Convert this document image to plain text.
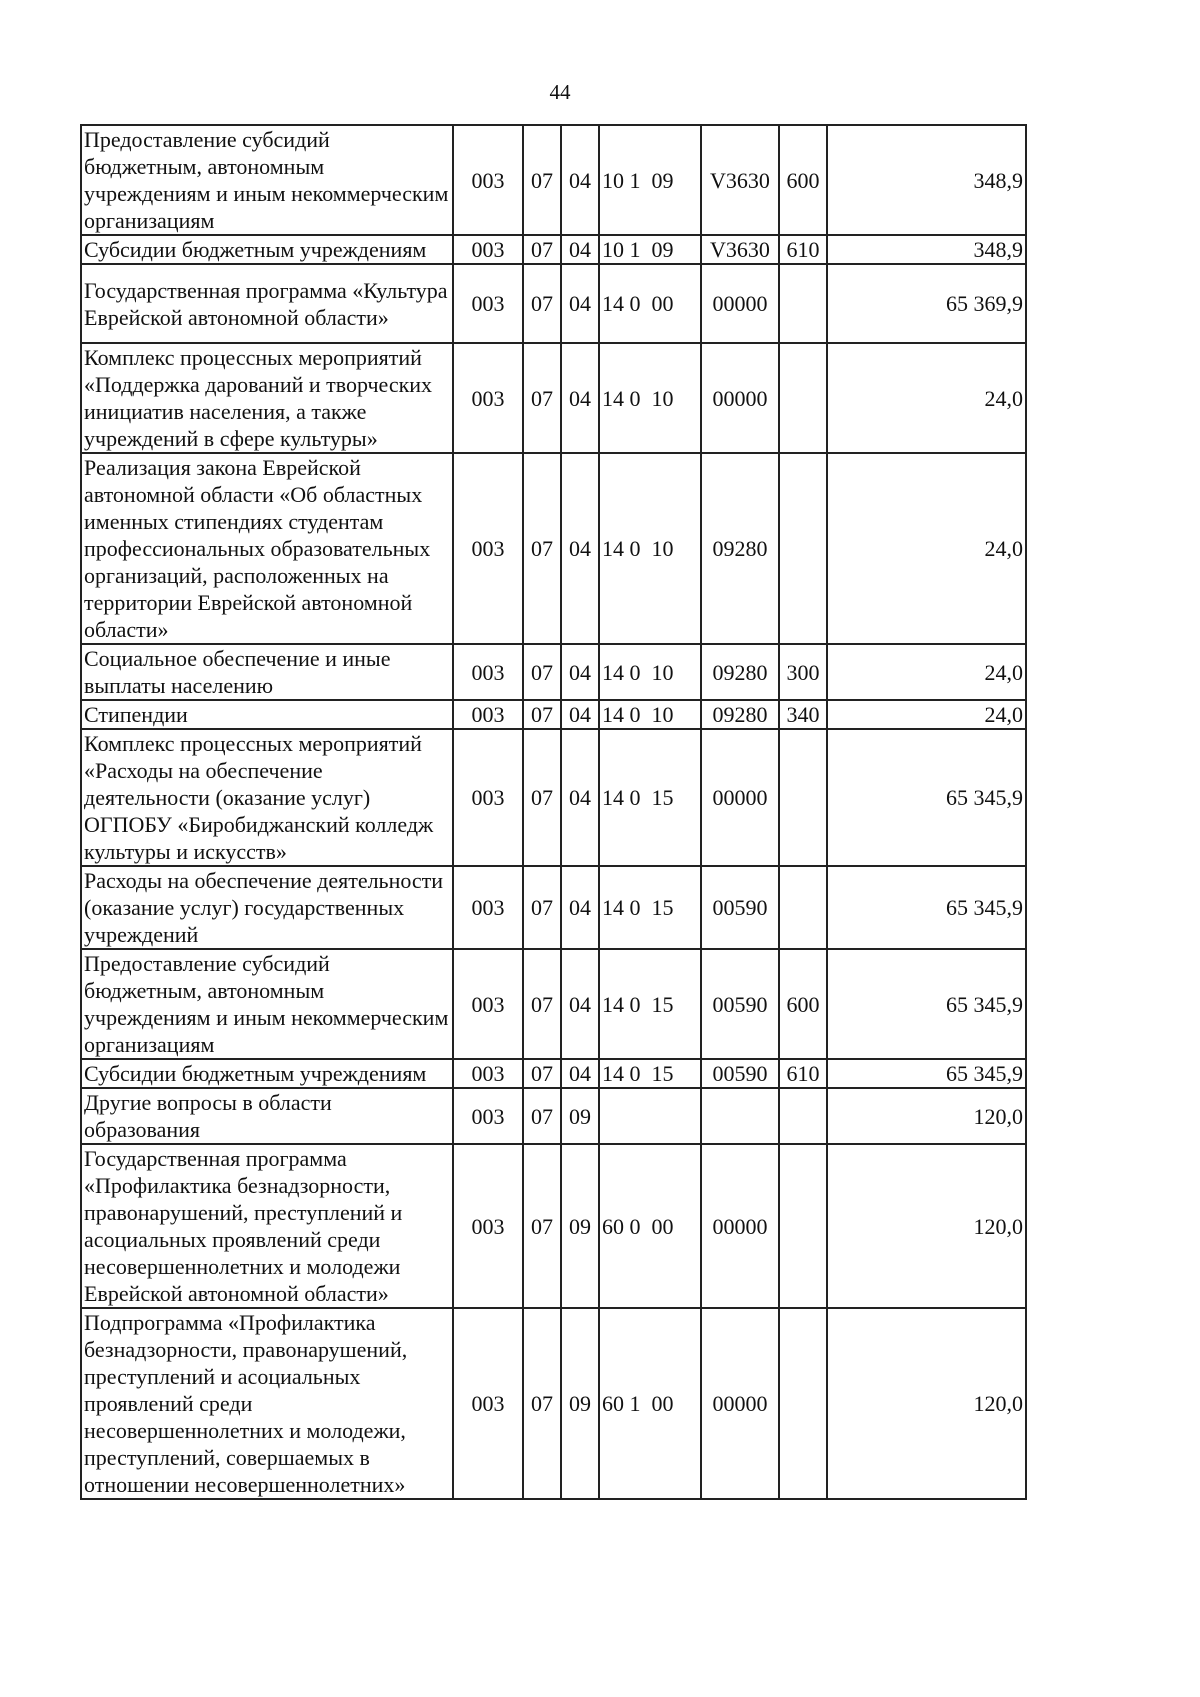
44
Предоставление субсидий бюджетным, автономным учреждениям и иным некоммерческим организациям	003	07	04	10 1  09	V3630	600	348,9
Субсидии бюджетным учреждениям	003	07	04	10 1  09	V3630	610	348,9
Государственная программа «Культура Еврейской автономной области»	003	07	04	14 0  00	00000		65 369,9
Комплекс процессных мероприятий «Поддержка дарований и творческих инициатив населения, а также учреждений в сфере культуры»	003	07	04	14 0  10	00000		24,0
Реализация закона Еврейской автономной области «Об областных именных стипендиях студентам профессиональных образовательных организаций, расположенных на территории Еврейской автономной области»	003	07	04	14 0  10	09280		24,0
Социальное обеспечение и иные выплаты населению	003	07	04	14 0  10	09280	300	24,0
Стипендии	003	07	04	14 0  10	09280	340	24,0
Комплекс процессных мероприятий «Расходы на обеспечение деятельности (оказание услуг) ОГПОБУ «Биробиджанский колледж культуры и искусств»	003	07	04	14 0  15	00000		65 345,9
Расходы на обеспечение деятельности (оказание услуг) государственных учреждений	003	07	04	14 0  15	00590		65 345,9
Предоставление субсидий бюджетным, автономным учреждениям и иным некоммерческим организациям	003	07	04	14 0  15	00590	600	65 345,9
Субсидии бюджетным учреждениям	003	07	04	14 0  15	00590	610	65 345,9
Другие вопросы в области образования	003	07	09				120,0
Государственная программа «Профилактика безнадзорности, правонарушений, преступлений и асоциальных проявлений среди несовершеннолетних и молодежи Еврейской автономной области»	003	07	09	60 0  00	00000		120,0
Подпрограмма «Профилактика безнадзорности, правонарушений, преступлений и асоциальных проявлений среди несовершеннолетних и молодежи, преступлений, совершаемых в отношении несовершеннолетних»	003	07	09	60 1  00	00000		120,0
